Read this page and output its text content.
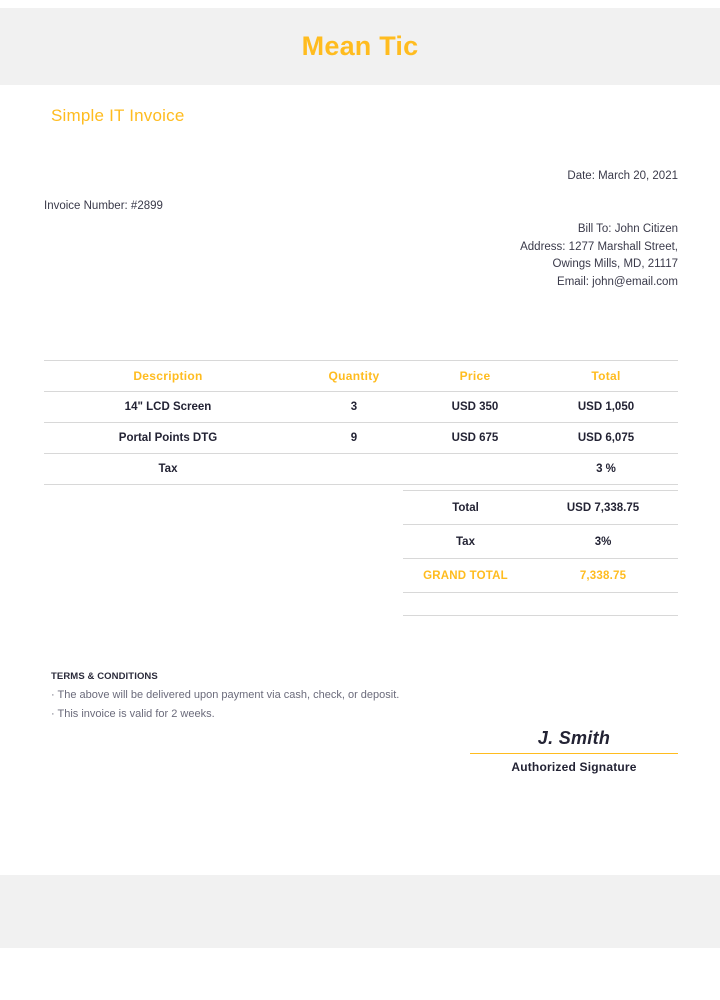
Mean Tic
Simple IT Invoice
Date: March 20, 2021
Invoice Number: #2899
Bill To: John Citizen
Address: 1277 Marshall Street,
Owings Mills, MD, 21117
Email: john@email.com
Description	Quantity	Price	Total
14" LCD Screen	3	USD 350	USD 1,050
Portal Points DTG	9	USD 675	USD 6,075
Tax			3 %
Total	USD 7,338.75
Tax	3%
GRAND TOTAL	7,338.75

TERMS & CONDITIONS
· The above will be delivered upon payment via cash, check, or deposit.
· This invoice is valid for 2 weeks.
J. Smith
Authorized Signature
